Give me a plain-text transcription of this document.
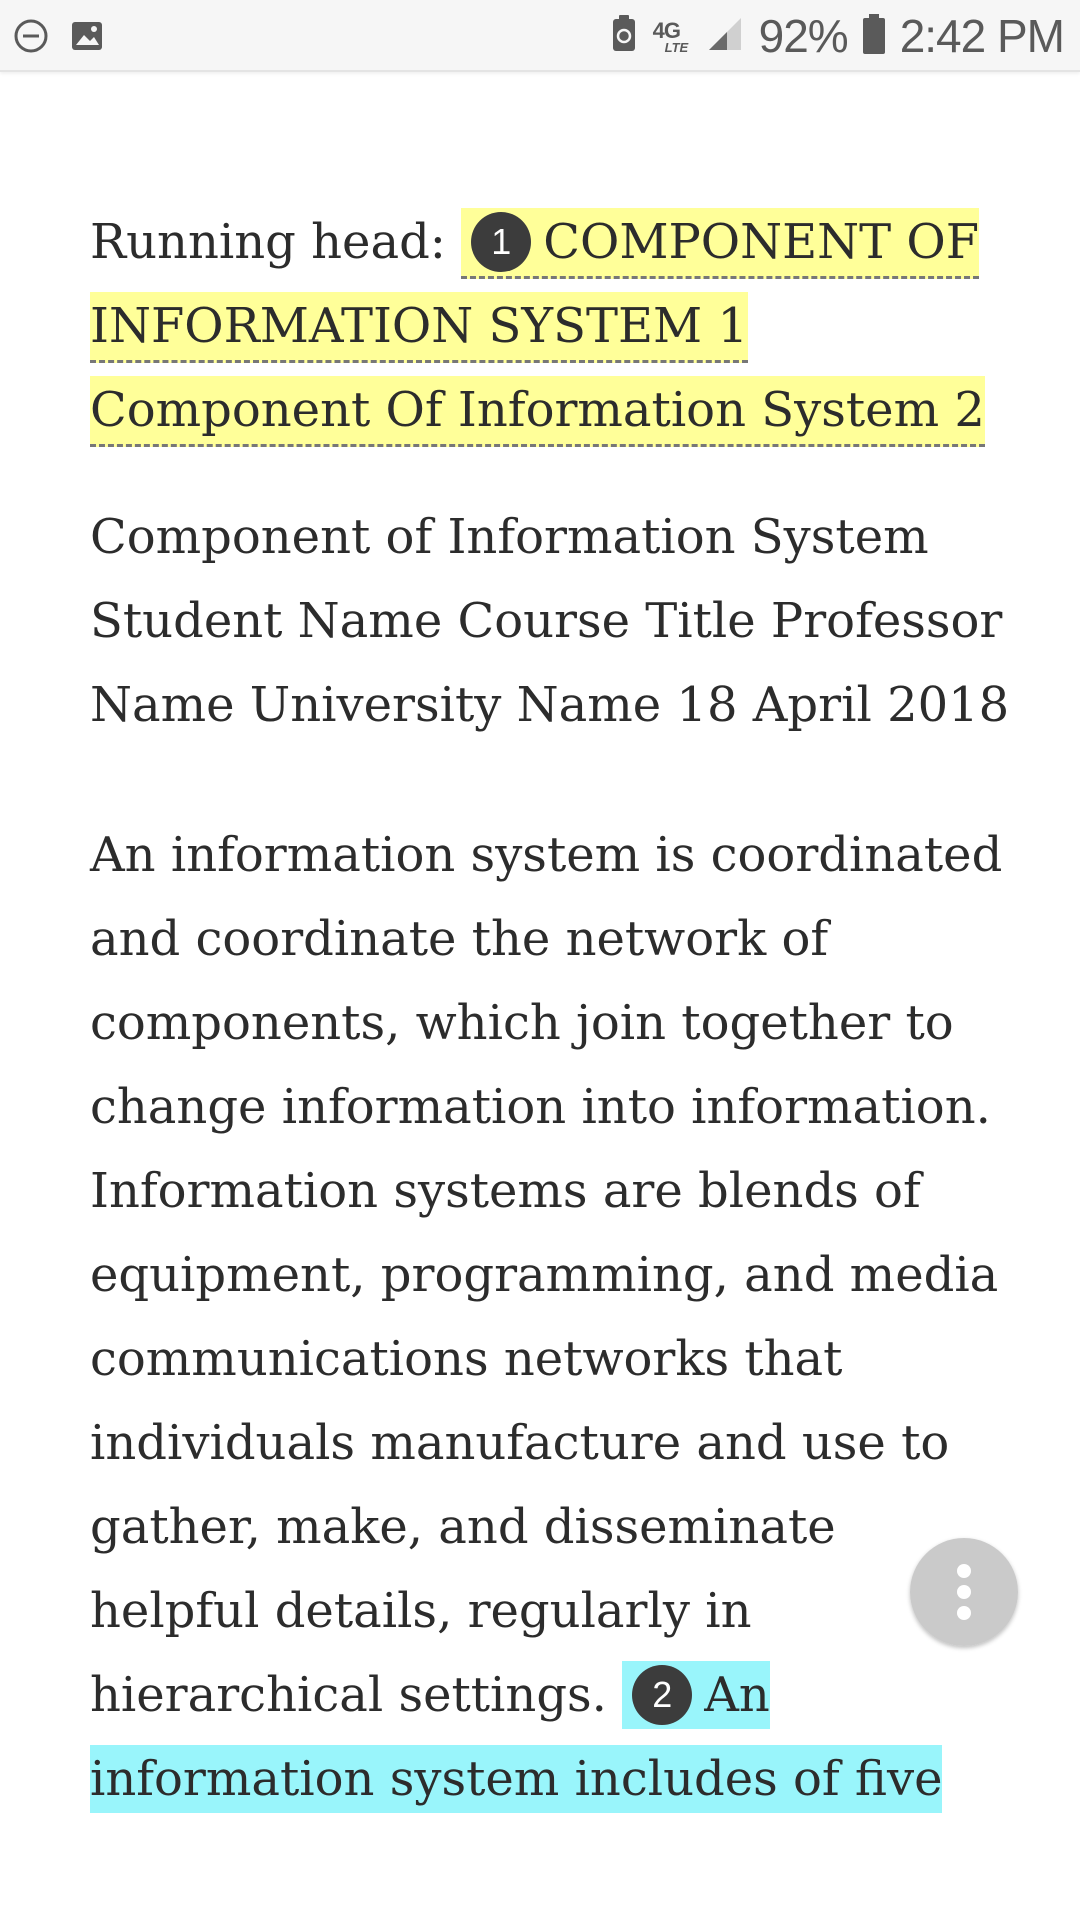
4G
LTE 92% 2:42 PM

Running head: 1 COMPONENT OF INFORMATION SYSTEM 1 Component Of Information System 2

Component of Information System Student Name Course Title Professor Name University Name 18 April 2018

An information system is coordinated and coordinate the network of components, which join together to change information into information. Information systems are blends of equipment, programming, and media communications networks that individuals manufacture and use to gather, make, and disseminate helpful details, regularly in hierarchical settings. 2 An information system includes of five
